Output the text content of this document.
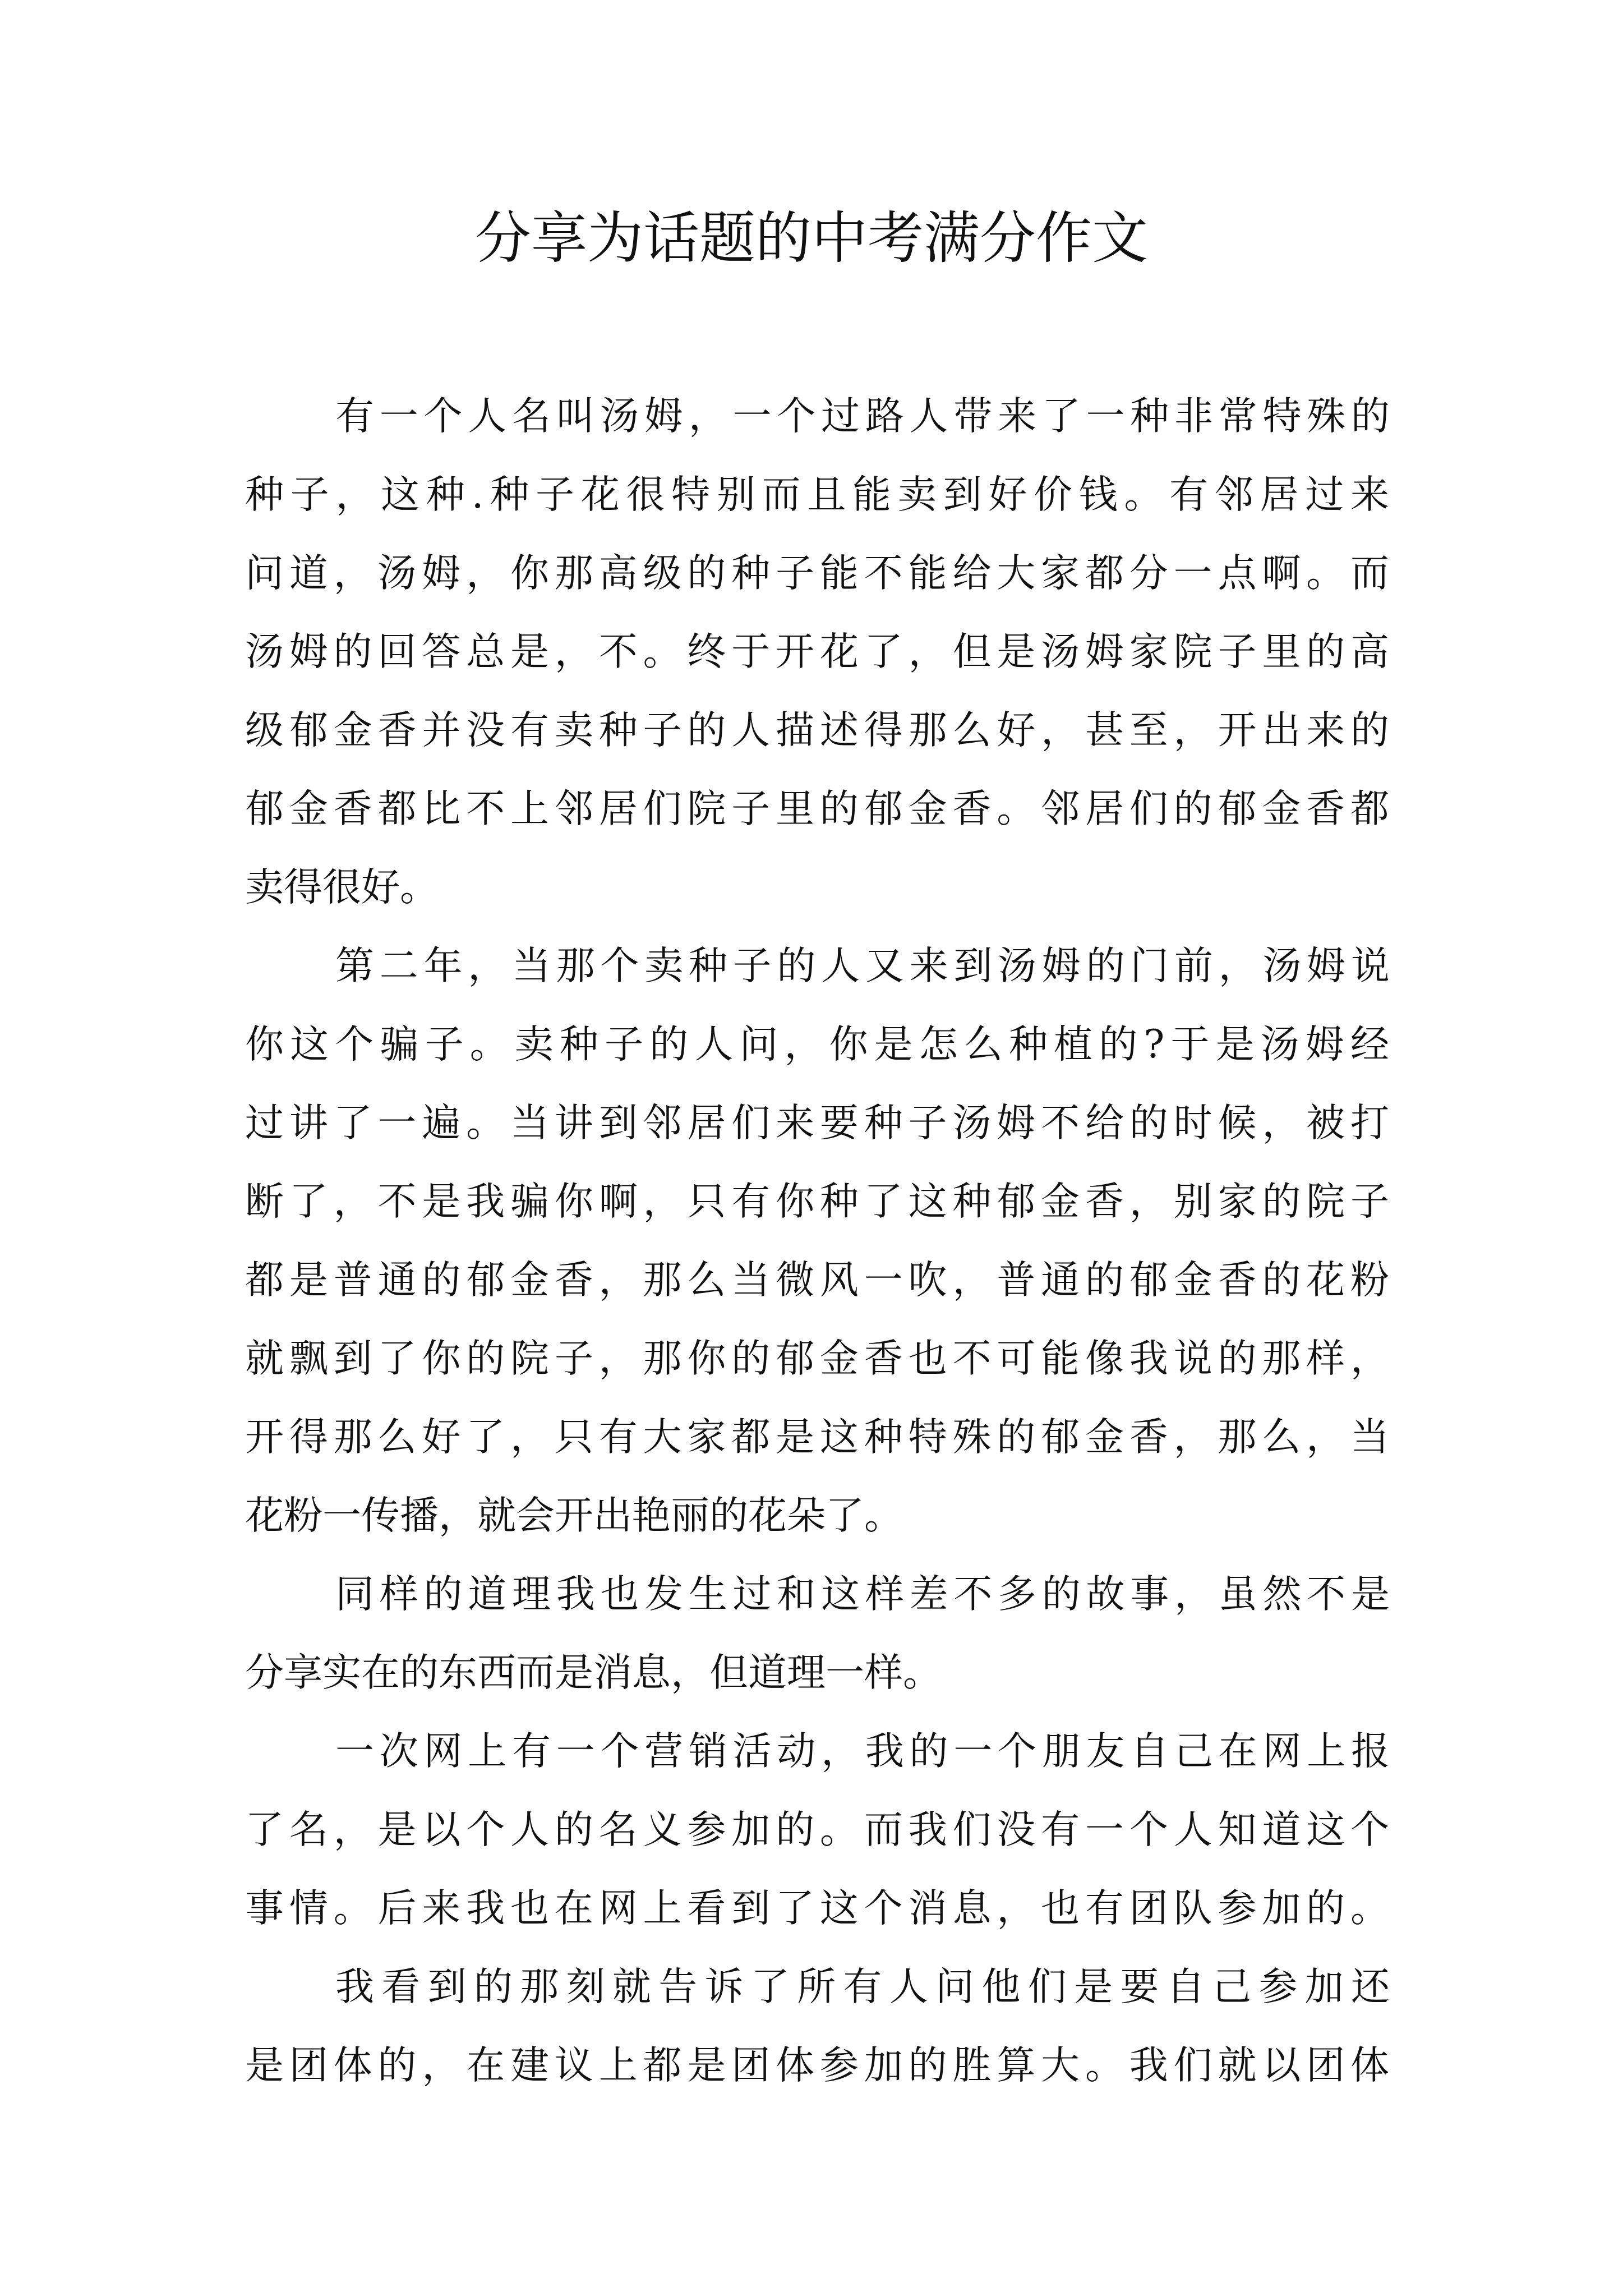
分享为话题的中考满分作文
有一个人名叫汤姆，一个过路人带来了一种非常特殊的
种子，这种.种子花很特别而且能卖到好价钱。有邻居过来
问道，汤姆，你那高级的种子能不能给大家都分一点啊。而
汤姆的回答总是，不。终于开花了，但是汤姆家院子里的高
级郁金香并没有卖种子的人描述得那么好，甚至，开出来的
郁金香都比不上邻居们院子里的郁金香。邻居们的郁金香都
卖得很好。
第二年，当那个卖种子的人又来到汤姆的门前，汤姆说
你这个骗子。卖种子的人问，你是怎么种植的?于是汤姆经
过讲了一遍。当讲到邻居们来要种子汤姆不给的时候，被打
断了，不是我骗你啊，只有你种了这种郁金香，别家的院子
都是普通的郁金香，那么当微风一吹，普通的郁金香的花粉
就飘到了你的院子，那你的郁金香也不可能像我说的那样，
开得那么好了，只有大家都是这种特殊的郁金香，那么，当
花粉一传播，就会开出艳丽的花朵了。
同样的道理我也发生过和这样差不多的故事，虽然不是
分享实在的东西而是消息，但道理一样。
一次网上有一个营销活动，我的一个朋友自己在网上报
了名，是以个人的名义参加的。而我们没有一个人知道这个
事情。后来我也在网上看到了这个消息，也有团队参加的。
我看到的那刻就告诉了所有人问他们是要自己参加还
是团体的，在建议上都是团体参加的胜算大。我们就以团体
